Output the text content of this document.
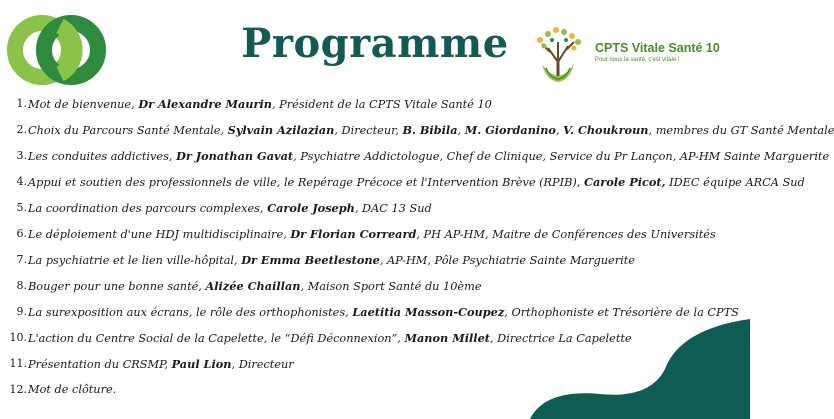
Programme	CPTS Vitale Santé 10
Pour nous la santé, c'est vitale !
1. Mot de bienvenue, Dr Alexandre Maurin, Président de la CPTS Vitale Santé 10
2. Choix du Parcours Santé Mentale, Sylvain Azilazian, Directeur, B. Bibila, M. Giordanino, V. Choukroun, membres du GT Santé Mentale
3. Les conduites addictives, Dr Jonathan Gavat, Psychiatre Addictologue, Chef de Clinique, Service du Pr Lançon, AP-HM Sainte Marguerite
4. Appui et soutien des professionnels de ville, le Repérage Précoce et l'Intervention Brève (RPIB), Carole Picot, IDEC équipe ARCA Sud
5. La coordination des parcours complexes, Carole Joseph, DAC 13 Sud
6. Le déploiement d'une HDJ multidisciplinaire, Dr Florian Correard, PH AP-HM, Maitre de Conférences des Universités
7. La psychiatrie et le lien ville-hôpital, Dr Emma Beetlestone, AP-HM, Pôle Psychiatrie Sainte Marguerite
8. Bouger pour une bonne santé, Alizée Chaillan, Maison Sport Santé du 10ème
9. La surexposition aux écrans, le rôle des orthophonistes, Laetitia Masson-Coupez, Orthophoniste et Trésorière de la CPTS
10. L'action du Centre Social de la Capelette, le “Défi Déconnexion”, Manon Millet, Directrice La Capelette
11. Présentation du CRSMP, Paul Lion, Directeur
12. Mot de clôture.
